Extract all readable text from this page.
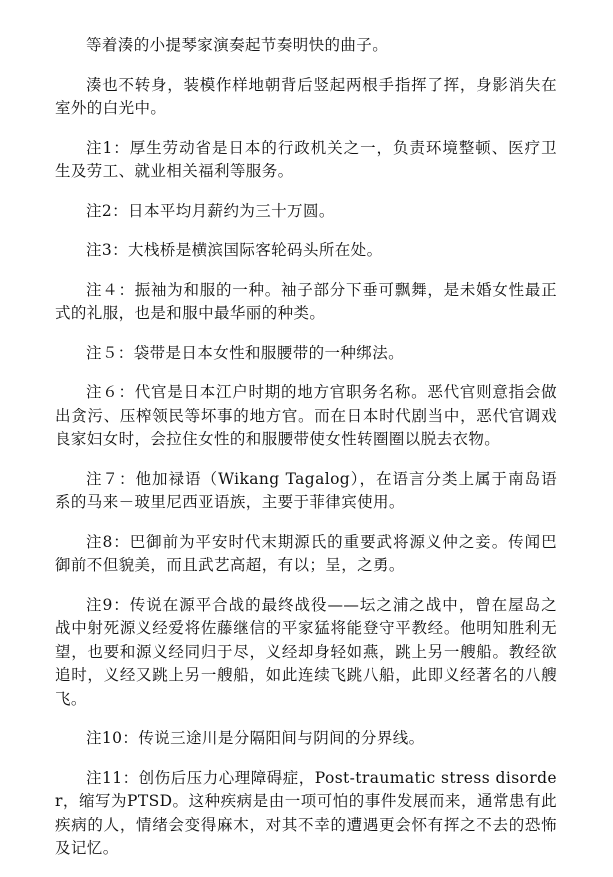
等着湊的小提琴家演奏起节奏明快的曲子。

湊也不转身，装模作样地朝背后竖起两根手指挥了挥，身影消失在室外的白光中。

注1：厚生劳动省是日本的行政机关之一，负责环境整顿、医疗卫生及劳工、就业相关福利等服务。

注2：日本平均月薪约为三十万圆。

注3：大栈桥是横滨国际客轮码头所在处。

注４：振袖为和服的一种。袖子部分下垂可飘舞，是未婚女性最正式的礼服，也是和服中最华丽的种类。

注５：袋带是日本女性和服腰带的一种绑法。

注６：代官是日本江户时期的地方官职务名称。恶代官则意指会做出贪污、压榨领民等坏事的地方官。而在日本时代剧当中，恶代官调戏良家妇女时，会拉住女性的和服腰带使女性转圈圈以脱去衣物。

注７：他加禄语（Wikang Tagalog），在语言分类上属于南岛语系的马来－玻里尼西亚语族，主要于菲律宾使用。

注8：巴御前为平安时代末期源氏的重要武将源义仲之妾。传闻巴御前不但貌美，而且武艺高超，有以；呈，之勇。

注9：传说在源平合战的最终战役——坛之浦之战中，曾在屋岛之战中射死源义经爱将佐藤继信的平家猛将能登守平教经。他明知胜利无望，也要和源义经同归于尽，义经却身轻如燕，跳上另一艘船。教经欲追时，义经又跳上另一艘船，如此连续飞跳八船，此即义经著名的八艘飞。

注10：传说三途川是分隔阳间与阴间的分界线。

注11：创伤后压力心理障碍症，Post-traumatic stress disorder，缩写为PTSD。这种疾病是由一项可怕的事件发展而来，通常患有此疾病的人，情绪会变得麻木，对其不幸的遭遇更会怀有挥之不去的恐怖及记忆。
